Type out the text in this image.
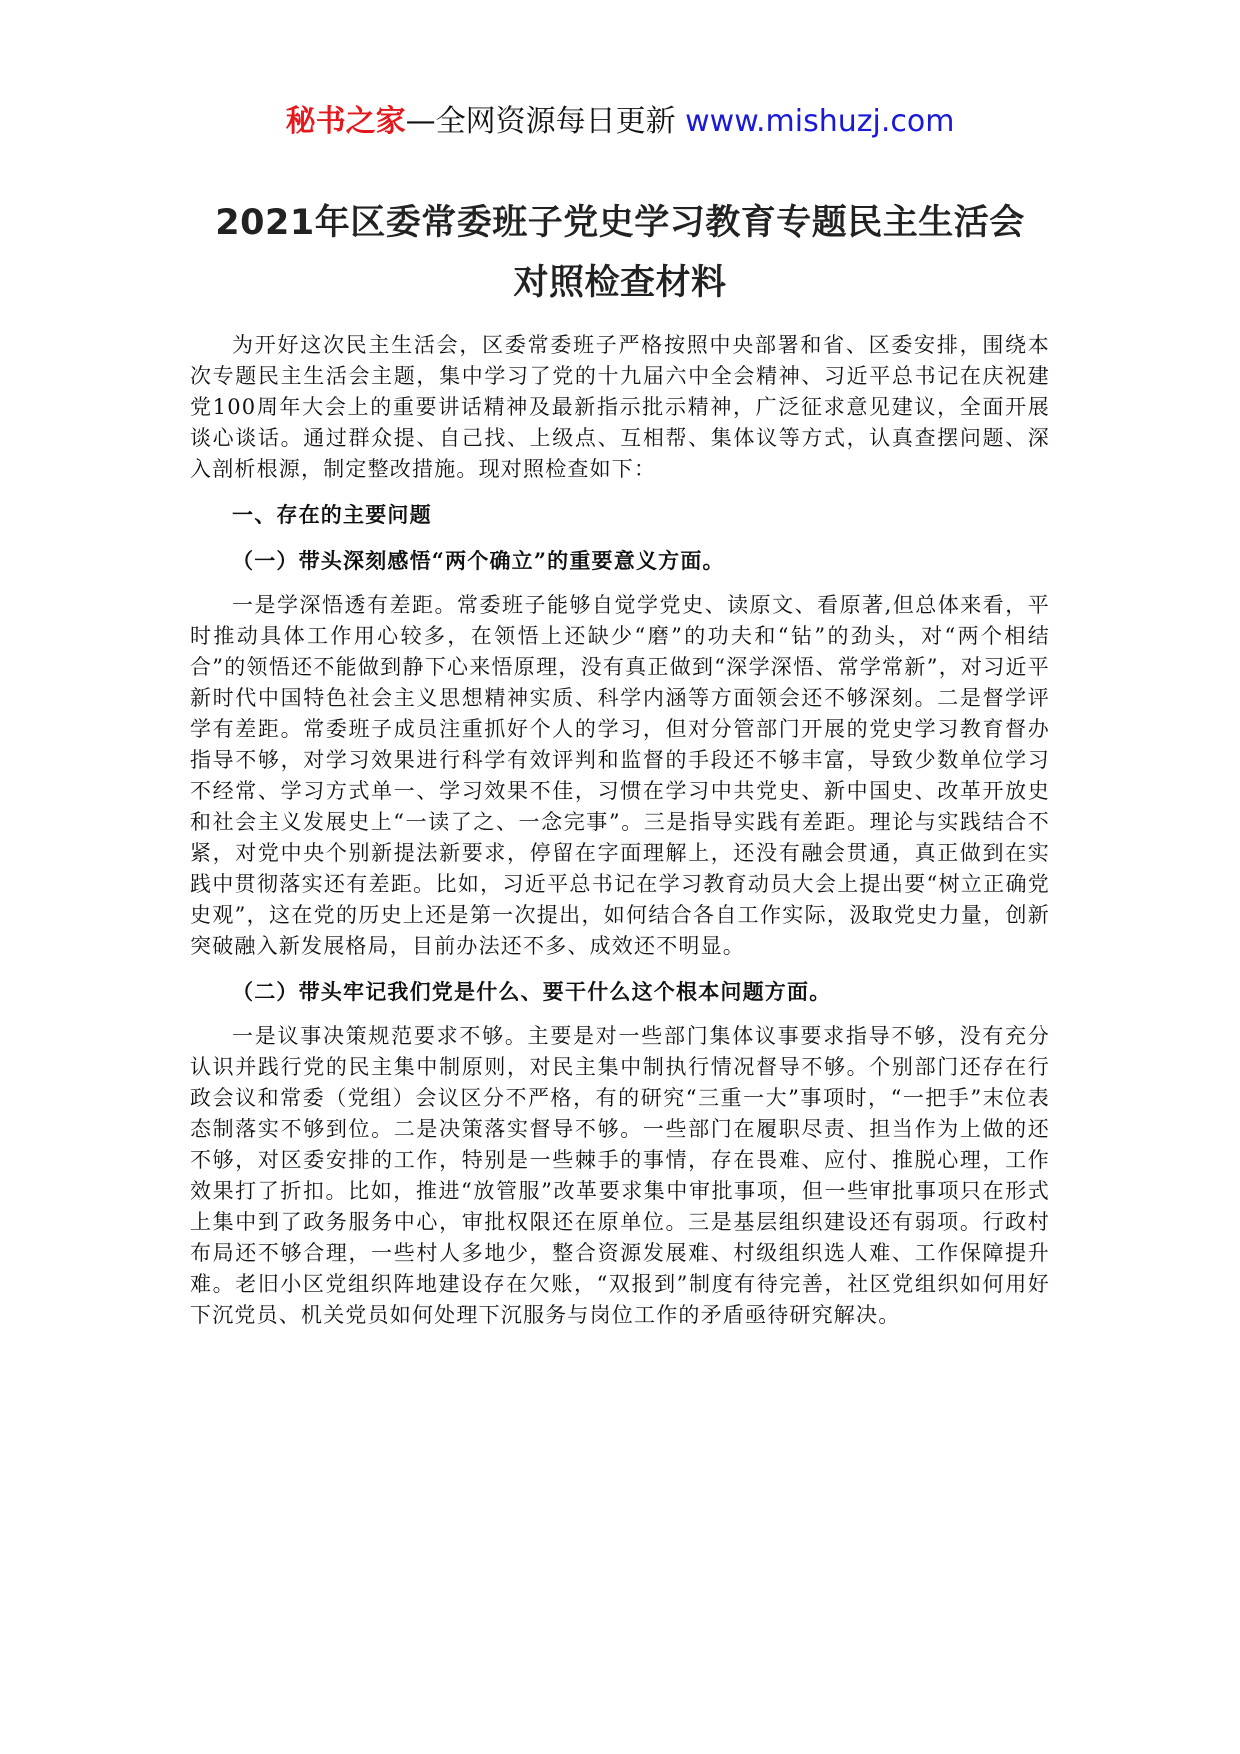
秘书之家—全网资源每日更新 www.mishuzj.com
2021年区委常委班子党史学习教育专题民主生活会
对照检查材料

为开好这次民主生活会，区委常委班子严格按照中央部署和省、区委安排，围绕本次专题民主生活会主题，集中学习了党的十九届六中全会精神、习近平总书记在庆祝建党100周年大会上的重要讲话精神及最新指示批示精神，广泛征求意见建议，全面开展谈心谈话。通过群众提、自己找、上级点、互相帮、集体议等方式，认真查摆问题、深入剖析根源，制定整改措施。现对照检查如下：

一、存在的主要问题

（一）带头深刻感悟“两个确立”的重要意义方面。

一是学深悟透有差距。常委班子能够自觉学党史、读原文、看原著,但总体来看，平时推动具体工作用心较多，在领悟上还缺少“磨”的功夫和“钻”的劲头，对“两个相结合”的领悟还不能做到静下心来悟原理，没有真正做到“深学深悟、常学常新”，对习近平新时代中国特色社会主义思想精神实质、科学内涵等方面领会还不够深刻。二是督学评学有差距。常委班子成员注重抓好个人的学习，但对分管部门开展的党史学习教育督办指导不够，对学习效果进行科学有效评判和监督的手段还不够丰富，导致少数单位学习不经常、学习方式单一、学习效果不佳，习惯在学习中共党史、新中国史、改革开放史和社会主义发展史上“一读了之、一念完事”。三是指导实践有差距。理论与实践结合不紧，对党中央个别新提法新要求，停留在字面理解上，还没有融会贯通，真正做到在实践中贯彻落实还有差距。比如，习近平总书记在学习教育动员大会上提出要“树立正确党史观”，这在党的历史上还是第一次提出，如何结合各自工作实际，汲取党史力量，创新突破融入新发展格局，目前办法还不多、成效还不明显。

（二）带头牢记我们党是什么、要干什么这个根本问题方面。

一是议事决策规范要求不够。主要是对一些部门集体议事要求指导不够，没有充分认识并践行党的民主集中制原则，对民主集中制执行情况督导不够。个别部门还存在行政会议和常委（党组）会议区分不严格，有的研究“三重一大”事项时，“一把手”末位表态制落实不够到位。二是决策落实督导不够。一些部门在履职尽责、担当作为上做的还不够，对区委安排的工作，特别是一些棘手的事情，存在畏难、应付、推脱心理，工作效果打了折扣。比如，推进“放管服”改革要求集中审批事项，但一些审批事项只在形式上集中到了政务服务中心，审批权限还在原单位。三是基层组织建设还有弱项。行政村布局还不够合理，一些村人多地少，整合资源发展难、村级组织选人难、工作保障提升难。老旧小区党组织阵地建设存在欠账，“双报到”制度有待完善，社区党组织如何用好下沉党员、机关党员如何处理下沉服务与岗位工作的矛盾亟待研究解决。
